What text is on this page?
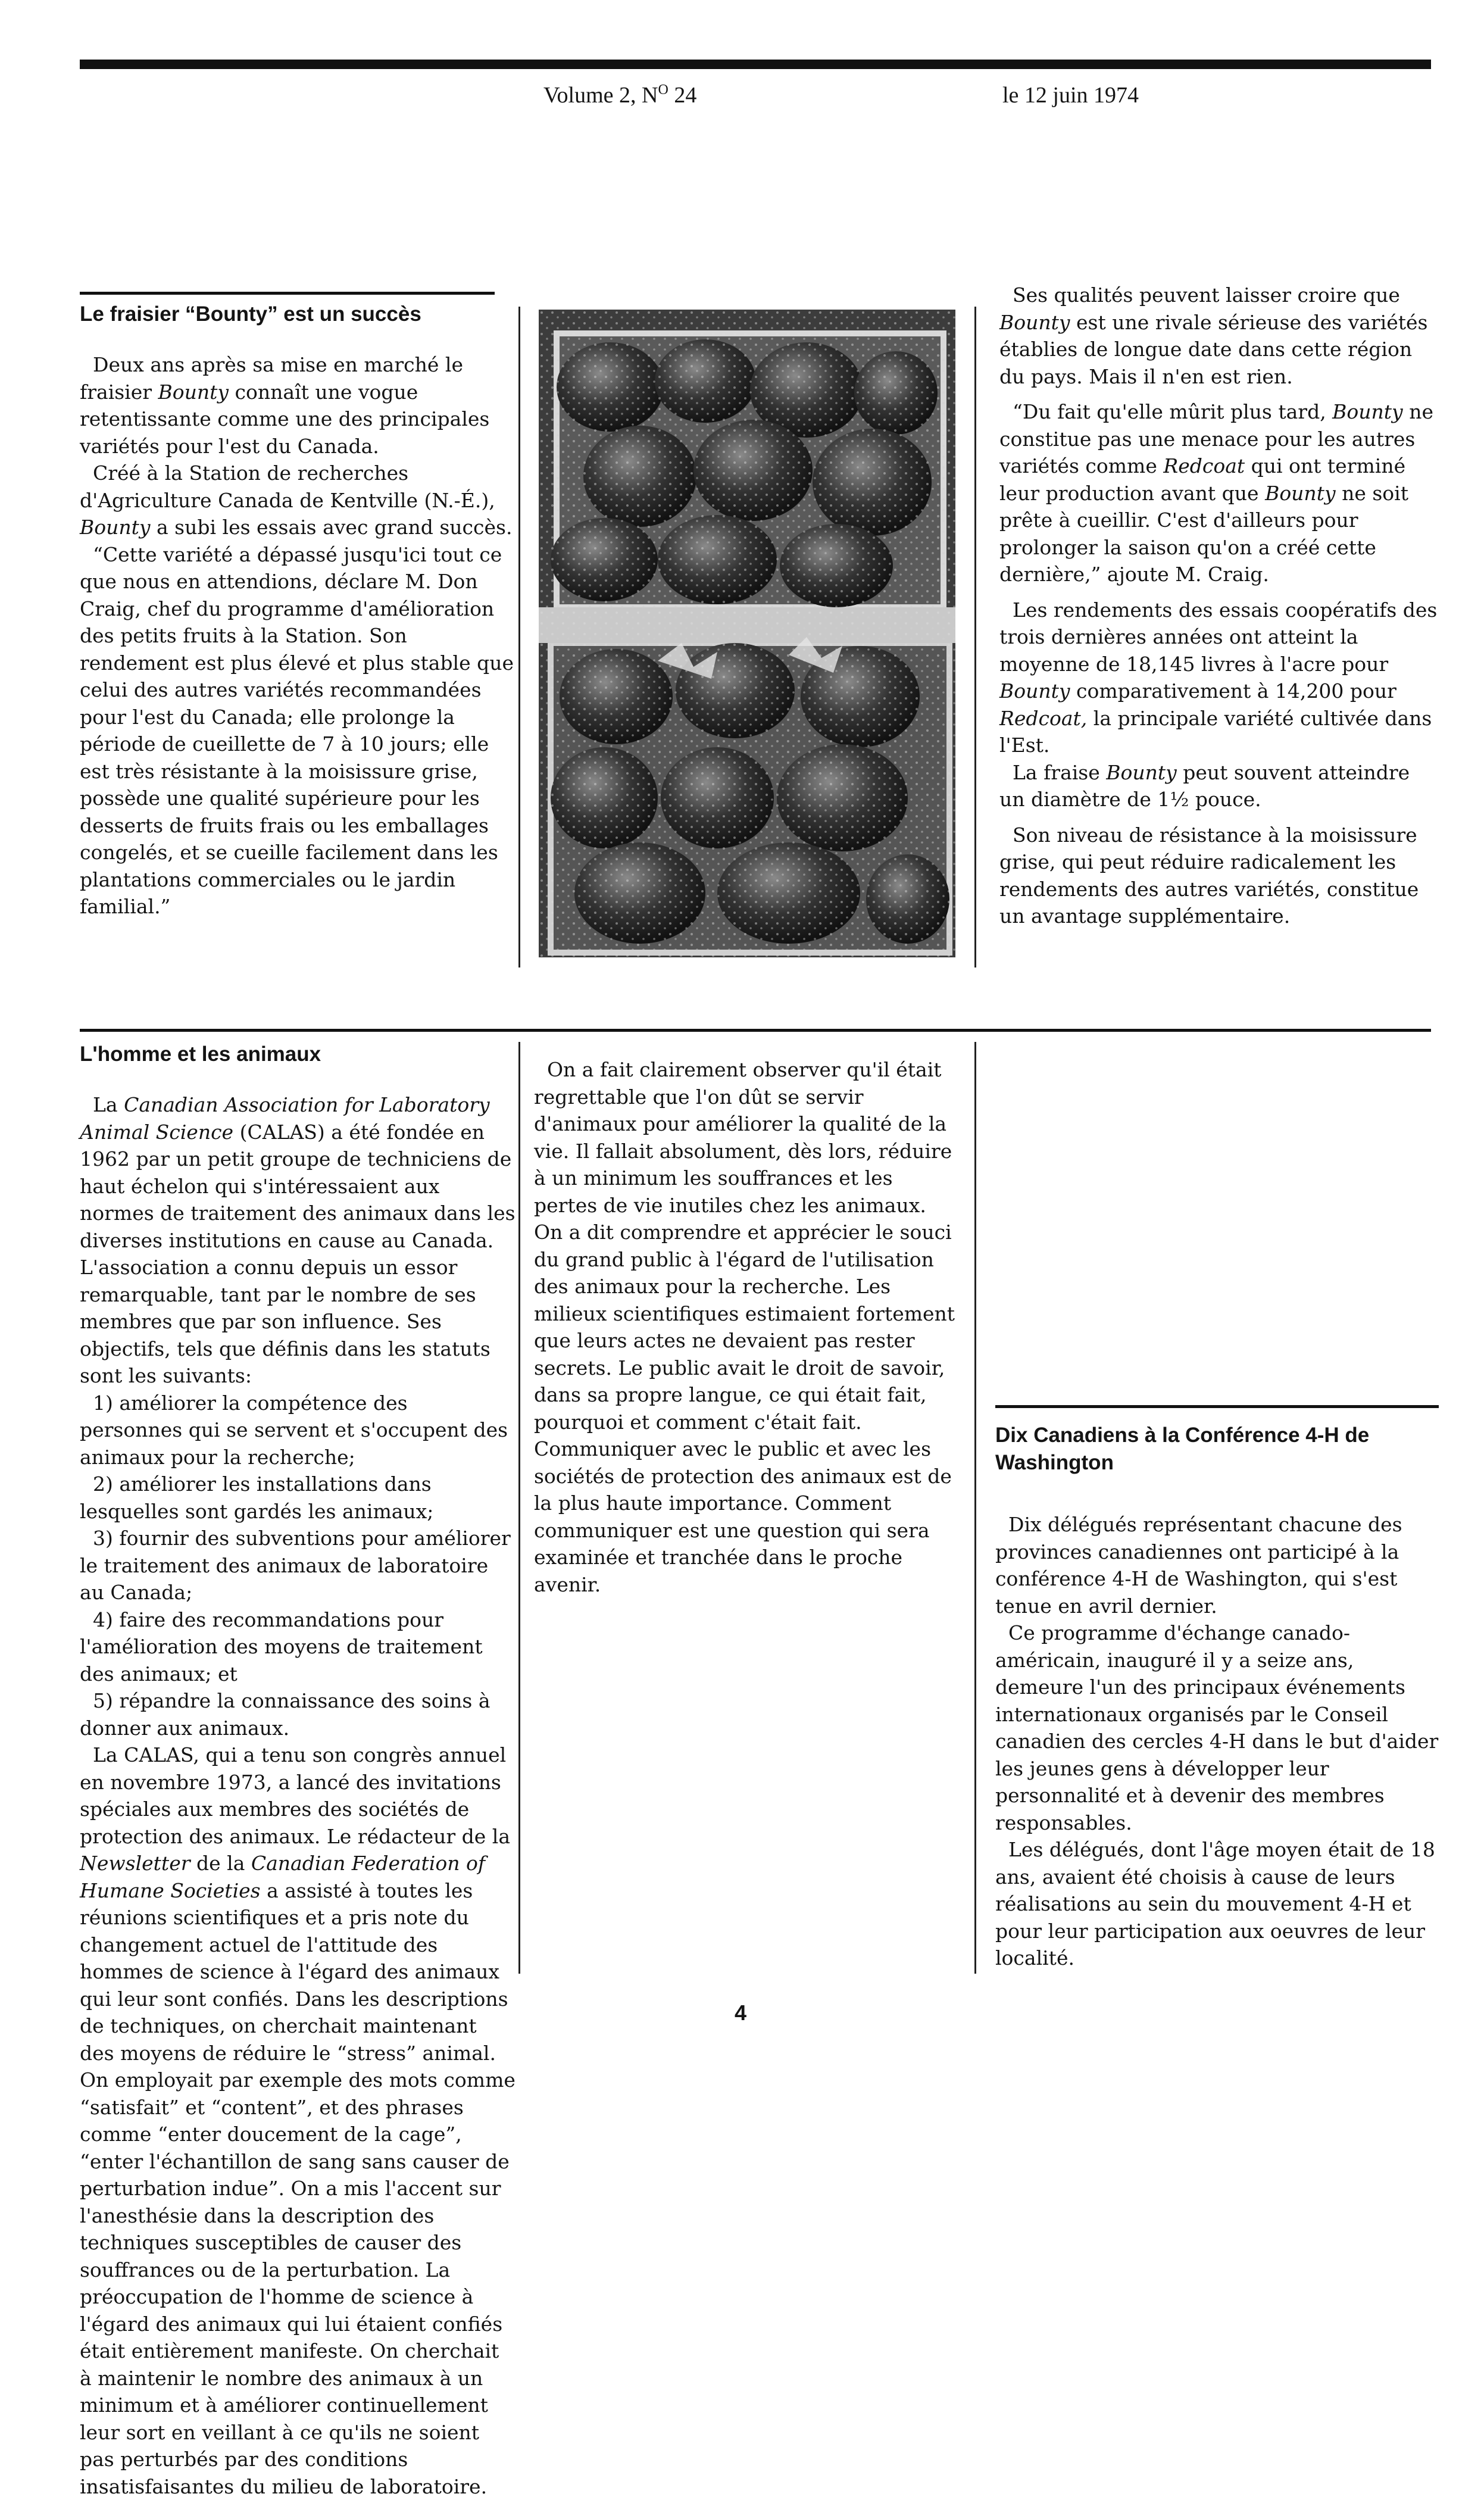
Volume 2, $N^O$ 24	le 12 juin 1974

Le fraisier “Bounty” est un succès

Deux ans après sa mise en marché le fraisier Bounty connaît une vogue retentissante comme une des principales variétés pour l'est du Canada.

Créé à la Station de recherches d'Agriculture Canada de Kentville (N.-É.), Bounty a subi les essais avec grand succès.

“Cette variété a dépassé jusqu'ici tout ce que nous en attendions, déclare M. Don Craig, chef du programme d'amélioration des petits fruits à la Station. Son rendement est plus élevé et plus stable que celui des autres variétés recommandées pour l'est du Canada; elle prolonge la période de cueillette de 7 à 10 jours; elle est très résistante à la moisissure grise, possède une qualité supérieure pour les desserts de fruits frais ou les emballages congelés, et se cueille facilement dans les plantations commerciales ou le jardin familial.”

Ses qualités peuvent laisser croire que Bounty est une rivale sérieuse des variétés établies de longue date dans cette région du pays. Mais il n'en est rien.

“Du fait qu'elle mûrit plus tard, Bounty ne constitue pas une menace pour les autres variétés comme Redcoat qui ont terminé leur production avant que Bounty ne soit prête à cueillir. C'est d'ailleurs pour prolonger la saison qu'on a créé cette dernière,” ajoute M. Craig.

Les rendements des essais coopératifs des trois dernières années ont atteint la moyenne de 18,145 livres à l'acre pour Bounty comparativement à 14,200 pour Redcoat, la principale variété cultivée dans l'Est.

La fraise Bounty peut souvent atteindre un diamètre de 1½ pouce.

Son niveau de résistance à la moisissure grise, qui peut réduire radicalement les rendements des autres variétés, constitue un avantage supplémentaire.

L'homme et les animaux

La Canadian Association for Laboratory Animal Science (CALAS) a été fondée en 1962 par un petit groupe de techniciens de haut échelon qui s'intéressaient aux normes de traitement des animaux dans les diverses institutions en cause au Canada. L'association a connu depuis un essor remarquable, tant par le nombre de ses membres que par son influence. Ses objectifs, tels que définis dans les statuts sont les suivants:

1) améliorer la compétence des personnes qui se servent et s'occupent des animaux pour la recherche;

2) améliorer les installations dans lesquelles sont gardés les animaux;

3) fournir des subventions pour améliorer le traitement des animaux de laboratoire au Canada;

4) faire des recommandations pour l'amélioration des moyens de traitement des animaux; et

5) répandre la connaissance des soins à donner aux animaux.

La CALAS, qui a tenu son congrès annuel en novembre 1973, a lancé des invitations spéciales aux membres des sociétés de protection des animaux. Le rédacteur de la Newsletter de la Canadian Federation of Humane Societies a assisté à toutes les réunions scientifiques et a pris note du changement actuel de l'attitude des hommes de science à l'égard des animaux qui leur sont confiés. Dans les descriptions de techniques, on cherchait maintenant des moyens de réduire le “stress” animal. On employait par exemple des mots comme “satisfait” et “content”, et des phrases comme “enter doucement de la cage”, “enter l'échantillon de sang sans causer de perturbation indue”. On a mis l'accent sur l'anesthésie dans la description des techniques susceptibles de causer des souffrances ou de la perturbation. La préoccupation de l'homme de science à l'égard des animaux qui lui étaient confiés était entièrement manifeste. On cherchait à maintenir le nombre des animaux à un minimum et à améliorer continuellement leur sort en veillant à ce qu'ils ne soient pas perturbés par des conditions insatisfaisantes du milieu de laboratoire.

On a fait clairement observer qu'il était regrettable que l'on dût se servir d'animaux pour améliorer la qualité de la vie. Il fallait absolument, dès lors, réduire à un minimum les souffrances et les pertes de vie inutiles chez les animaux. On a dit comprendre et apprécier le souci du grand public à l'égard de l'utilisation des animaux pour la recherche. Les milieux scientifiques estimaient fortement que leurs actes ne devaient pas rester secrets. Le public avait le droit de savoir, dans sa propre langue, ce qui était fait, pourquoi et comment c'était fait. Communiquer avec le public et avec les sociétés de protection des animaux est de la plus haute importance. Comment communiquer est une question qui sera examinée et tranchée dans le proche avenir.

Dix Canadiens à la Conférence 4-H de Washington

Dix délégués représentant chacune des provinces canadiennes ont participé à la conférence 4-H de Washington, qui s'est tenue en avril dernier.

Ce programme d'échange canado-américain, inauguré il y a seize ans, demeure l'un des principaux événements internationaux organisés par le Conseil canadien des cercles 4-H dans le but d'aider les jeunes gens à développer leur personnalité et à devenir des membres responsables.

Les délégués, dont l'âge moyen était de 18 ans, avaient été choisis à cause de leurs réalisations au sein du mouvement 4-H et pour leur participation aux oeuvres de leur localité.

4
